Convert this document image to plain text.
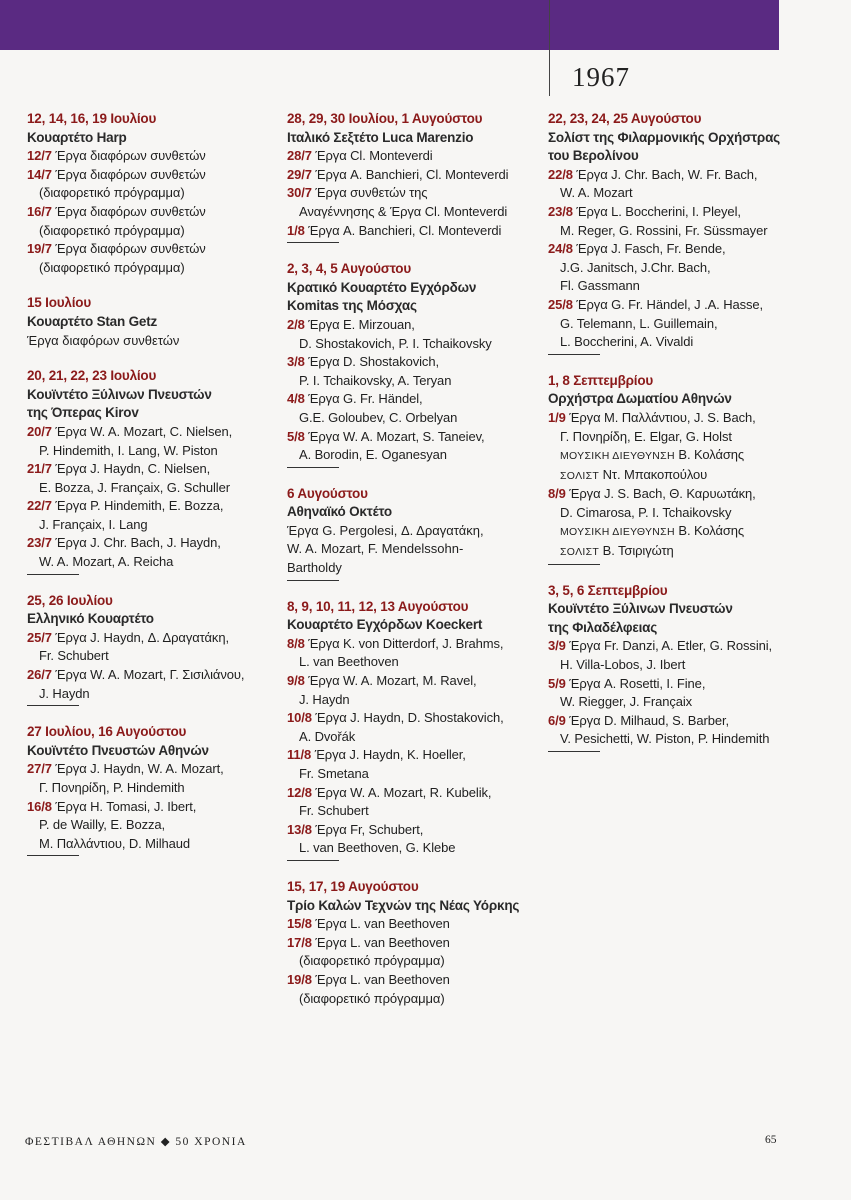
1967
12, 14, 16, 19 Ιουλίου
Κουαρτέτο Harp
12/7 Έργα διαφόρων συνθετών
14/7 Έργα διαφόρων συνθετών
(διαφορετικό πρόγραμμα)
16/7 Έργα διαφόρων συνθετών
(διαφορετικό πρόγραμμα)
19/7 Έργα διαφόρων συνθετών
(διαφορετικό πρόγραμμα)
15 Ιουλίου
Κουαρτέτο Stan Getz
Έργα διαφόρων συνθετών
20, 21, 22, 23 Ιουλίου
Κουϊντέτο Ξύλινων Πνευστών
της Όπερας Kirov
20/7 Έργα W. A. Mozart, C. Nielsen,
P. Hindemith, I. Lang, W. Piston
21/7 Έργα J. Haydn, C. Nielsen,
E. Bozza, J. Françaix, G. Schuller
22/7 Έργα P. Hindemith, E. Bozza,
J. Françaix, I. Lang
23/7 Έργα J. Chr. Bach, J. Haydn,
W. A. Mozart, A. Reicha
25, 26 Ιουλίου
Ελληνικό Κουαρτέτο
25/7 Έργα J. Haydn, Δ. Δραγατάκη,
Fr. Schubert
26/7 Έργα W. A. Mozart, Γ. Σισιλιάνου,
J. Haydn
27 Ιουλίου, 16 Αυγούστου
Κουϊντέτο Πνευστών Αθηνών
27/7 Έργα J. Haydn, W. A. Mozart,
Γ. Πονηρίδη, P. Hindemith
16/8 Έργα H. Tomasi, J. Ibert,
P. de Wailly, E. Bozza,
Μ. Παλλάντιου, D. Milhaud
28, 29, 30 Ιουλίου, 1 Αυγούστου
Ιταλικό Σεξτέτο Luca Marenzio
28/7 Έργα Cl. Monteverdi
29/7 Έργα A. Banchieri, Cl. Monteverdi
30/7 Έργα συνθετών της
Αναγέννησης & Έργα Cl. Monteverdi
1/8 Έργα A. Banchieri, Cl. Monteverdi
2, 3, 4, 5 Αυγούστου
Κρατικό Κουαρτέτο Εγχόρδων
Komitas της Μόσχας
2/8 Έργα E. Mirzouan,
D. Shostakovich, P. I. Tchaikovsky
3/8 Έργα D. Shostakovich,
P. I. Tchaikovsky, A. Teryan
4/8 Έργα G. Fr. Händel,
G.E. Goloubev, C. Orbelyan
5/8 Έργα W. A. Mozart, S. Taneiev,
A. Borodin, E. Oganesyan
6 Αυγούστου
Αθηναϊκό Οκτέτο
Έργα G. Pergolesi, Δ. Δραγατάκη,
W. A. Mozart, F. Mendelssohn-
Bartholdy
8, 9, 10, 11, 12, 13 Αυγούστου
Κουαρτέτο Εγχόρδων Koeckert
8/8 Έργα K. von Ditterdorf, J. Brahms,
L. van Beethoven
9/8 Έργα W. A. Mozart, M. Ravel,
J. Haydn
10/8 Έργα J. Haydn, D. Shostakovich,
A. Dvořák
11/8 Έργα J. Haydn, K. Hoeller,
Fr. Smetana
12/8 Έργα W. A. Mozart, R. Kubelik,
Fr. Schubert
13/8 Έργα Fr, Schubert,
L. van Beethoven, G. Klebe
15, 17, 19 Αυγούστου
Τρίο Καλών Τεχνών της Νέας Υόρκης
15/8 Έργα L. van Beethoven
17/8 Έργα L. van Beethoven
(διαφορετικό πρόγραμμα)
19/8 Έργα L. van Beethoven
(διαφορετικό πρόγραμμα)
22, 23, 24, 25 Αυγούστου
Σολίστ της Φιλαρμονικής Ορχήστρας
του Βερολίνου
22/8 Έργα J. Chr. Bach, W. Fr. Bach,
W. A. Mozart
23/8 Έργα L. Boccherini, I. Pleyel,
M. Reger, G. Rossini, Fr. Süssmayer
24/8 Έργα J. Fasch, Fr. Bende,
J.G. Janitsch, J.Chr. Bach,
Fl. Gassmann
25/8 Έργα G. Fr. Händel, J .A. Hasse,
G. Telemann, L. Guillemain,
L. Boccherini, A. Vivaldi
1, 8 Σεπτεμβρίου
Ορχήστρα Δωματίου Αθηνών
1/9 Έργα Μ. Παλλάντιου, J. S. Bach,
Γ. Πονηρίδη, E. Elgar, G. Holst
ΜΟΥΣΙΚΗ ΔΙΕΥΘΥΝΣΗ Β. Κολάσης
ΣΟΛΙΣΤ Ντ. Μπακοπούλου
8/9 Έργα J. S. Bach, Θ. Καρυωτάκη,
D. Cimarosa, P. I. Tchaikovsky
ΜΟΥΣΙΚΗ ΔΙΕΥΘΥΝΣΗ Β. Κολάσης
ΣΟΛΙΣΤ Β. Τσιριγώτη
3, 5, 6 Σεπτεμβρίου
Κουϊντέτο Ξύλινων Πνευστών
της Φιλαδέλφειας
3/9 Έργα Fr. Danzi, A. Etler, G. Rossini,
H. Villa-Lobos, J. Ibert
5/9 Έργα A. Rosetti, I. Fine,
W. Riegger, J. Françaix
6/9 Έργα D. Milhaud, S. Barber,
V. Pesichetti, W. Piston, P. Hindemith
ΦΕΣΤΙΒΑΛ ΑΘΗΝΩΝ ◆ 50 ΧΡΟΝΙΑ	65
